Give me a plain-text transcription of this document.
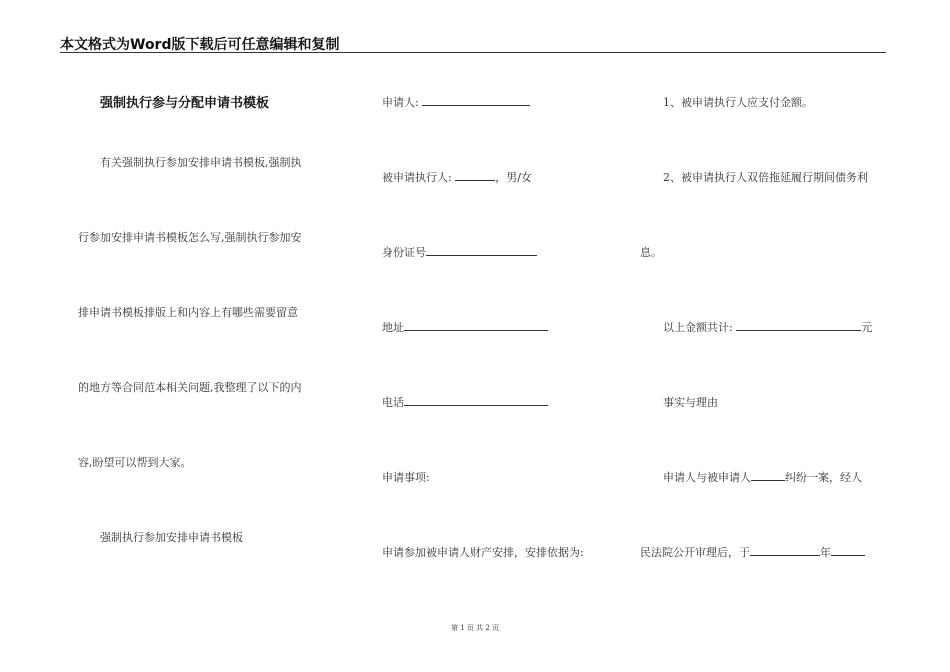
本文格式为Word版下载后可任意编辑和复制
强制执行参与分配申请书模板
有关强制执行参加安排申请书模板,强制执
行参加安排申请书模板怎么写,强制执行参加安
排申请书模板排版上和内容上有哪些需要留意
的地方等合同范本相关问题,我整理了以下的内
容,盼望可以帮到大家。
强制执行参加安排申请书模板
申请人:
被申请执行人:	，男/女
身份证号
地址
电话
申请事项:
申请参加被申请人财产安排，安排依据为:
1、被申请执行人应支付金额。
2、被申请执行人双倍拖延履行期间债务利
息。
以上金额共计:	元
事实与理由
申请人与被申请人	纠纷一案，经人
民法院公开审理后，于	年
第 1 页 共 2 页
